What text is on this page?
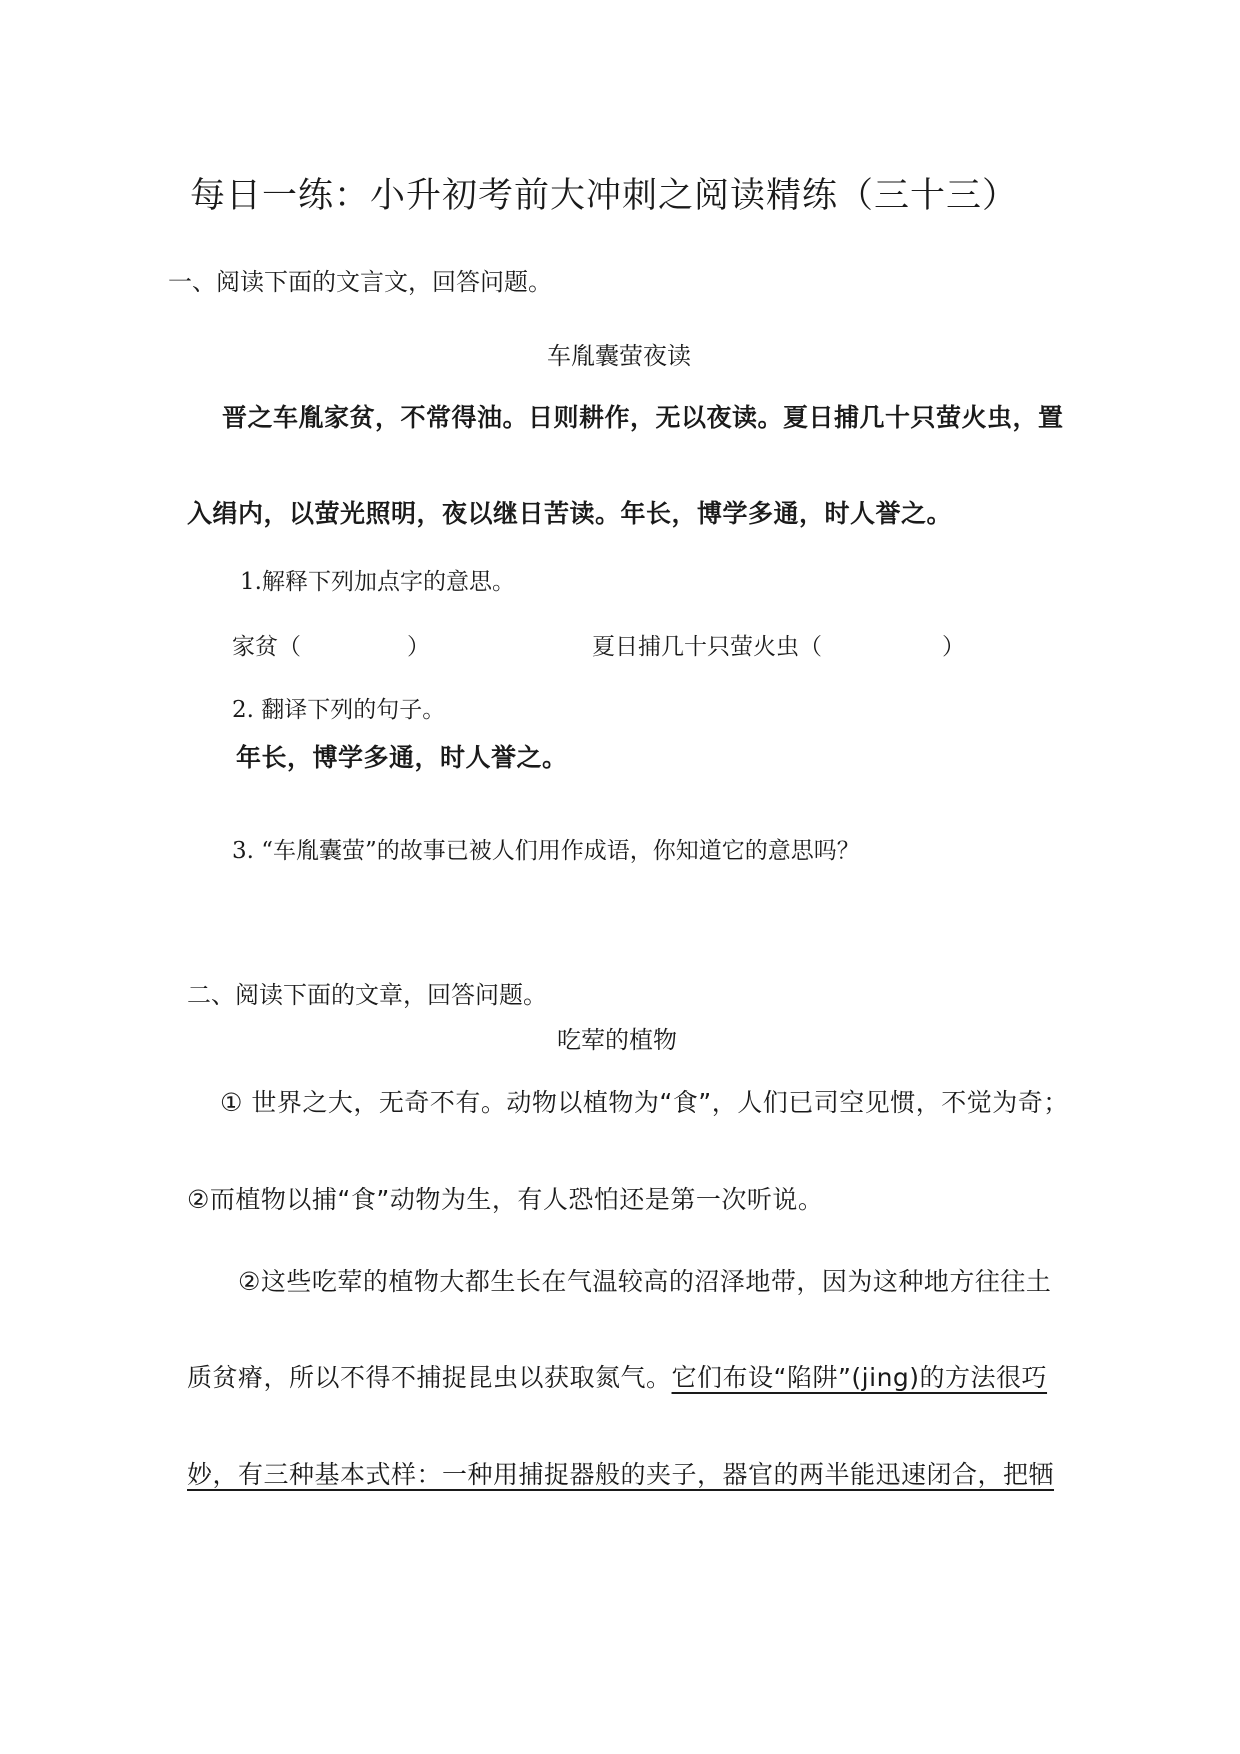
每日一练：小升初考前大冲刺之阅读精练（三十三）
一、阅读下面的文言文，回答问题。
车胤囊萤夜读
晋之车胤家贫，不常得油。日则耕作，无以夜读。夏日捕几十只萤火虫，置
入绢内，以萤光照明，夜以继日苦读。年长，博学多通，时人誉之。
1.解释下列加点字的意思。
家贫（	）	夏日捕几十只萤火虫（	）
2. 翻译下列的句子。
年长，博学多通，时人誉之。
3. “车胤囊萤”的故事已被人们用作成语，你知道它的意思吗？
二、阅读下面的文章，回答问题。
吃荤的植物
① 世界之大，无奇不有。动物以植物为“食”，人们已司空见惯，不觉为奇；
②而植物以捕“食”动物为生，有人恐怕还是第一次听说。
②这些吃荤的植物大都生长在气温较高的沼泽地带，因为这种地方往往土
质贫瘠，所以不得不捕捉昆虫以获取氮气。它们布设“陷阱”(jing)的方法很巧
妙，有三种基本式样：一种用捕捉器般的夹子，器官的两半能迅速闭合，把牺
